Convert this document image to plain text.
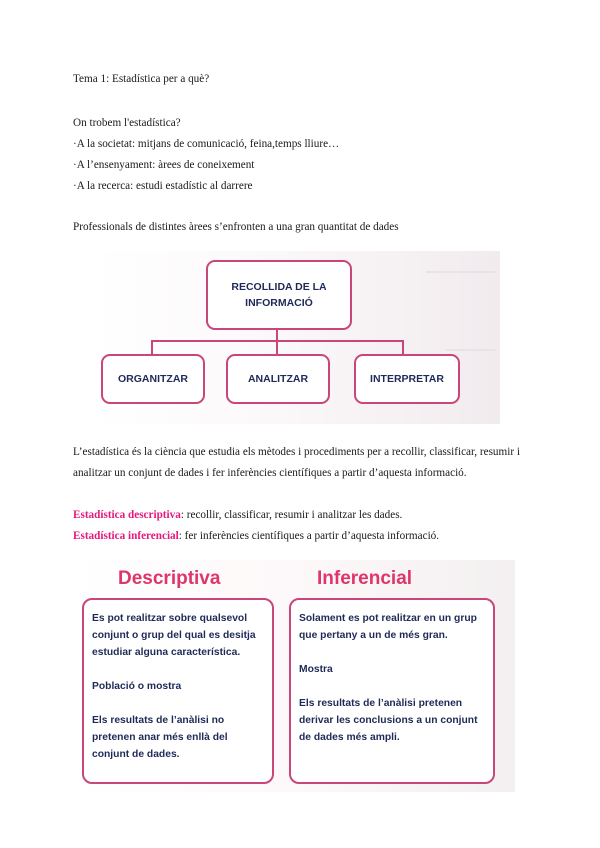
Tema 1: Estadística per a què?
On trobem l'estadística?
·A la societat: mitjans de comunicació, feina,temps lliure…
·A l’ensenyament: àrees de coneixement
·A la recerca: estudi estadístic al darrere
Professionals de distintes àrees s’enfronten a una gran quantitat de dades
RECOLLIDA DE LA INFORMACIÓ
ORGANITZAR	ANALITZAR	INTERPRETAR
L’estadística és la ciència que estudia els mètodes i procediments per a recollir, classificar, resumir i analitzar un conjunt de dades i fer inferències científiques a partir d’aquesta informació.
Estadística descriptiva: recollir, classificar, resumir i analitzar les dades.
Estadística inferencial: fer inferències científiques a partir d’aquesta informació.
Descriptiva	Inferencial

Es pot realitzar sobre qualsevol conjunt o grup del qual es desitja estudiar alguna característica.

Població o mostra

Els resultats de l’anàlisi no pretenen anar més enllà del conjunt de dades.

Solament es pot realitzar en un grup que pertany a un de més gran.

Mostra

Els resultats de l’anàlisi pretenen derivar les conclusions a un conjunt de dades més ampli.
